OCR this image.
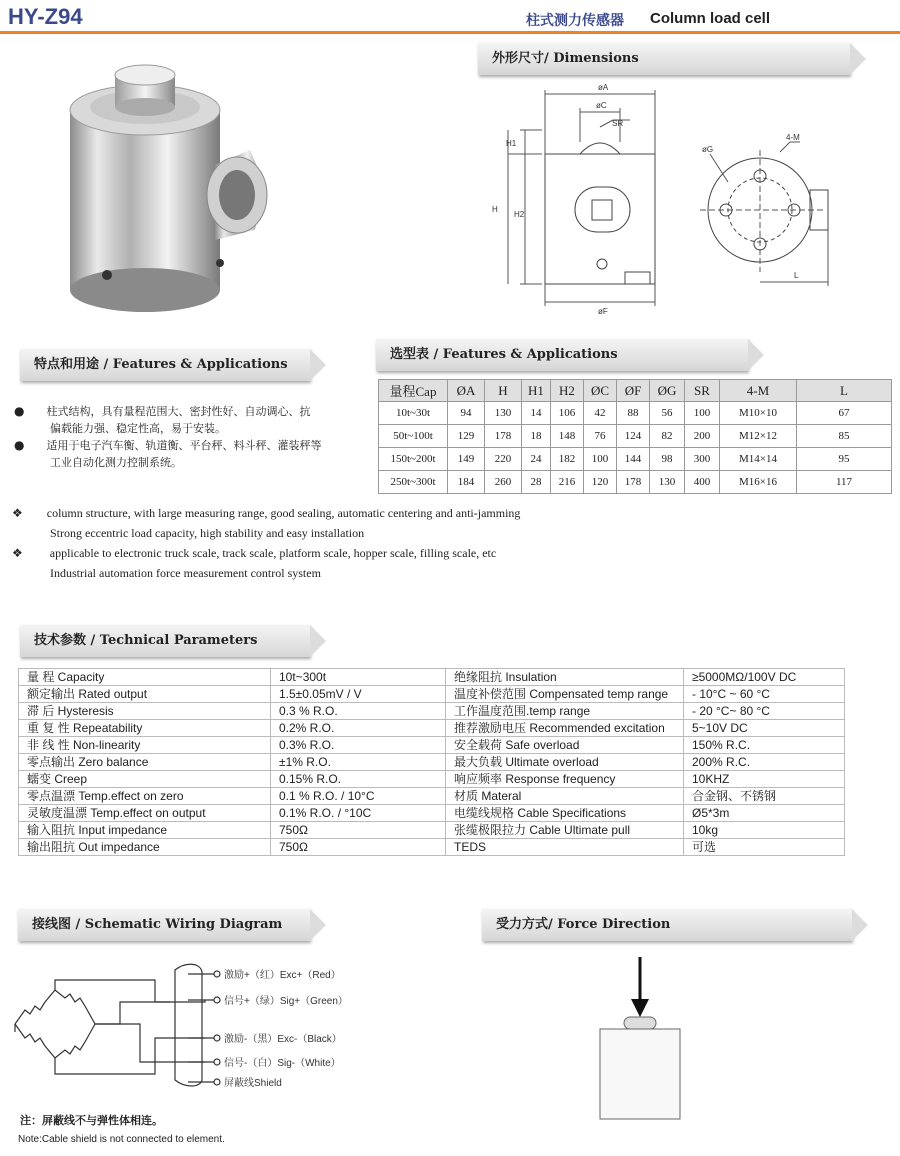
HY-Z94	柱式测力传感器	Column load cell
外形尺寸/ Dimensions
øA
øC
SR
H1
H
H2
øF
øG
4-M
L
特点和用途 / Features & Applications
● 柱式结构，具有量程范围大、密封性好、自动调心、抗
偏载能力强、稳定性高，易于安装。
● 适用于电子汽车衡、轨道衡、平台秤、料斗秤、灌装秤等
工业自动化测力控制系统。
选型表 / Features & Applications
量程Cap	ØA	H	H1	H2	ØC	ØF	ØG	SR	4-M	L
10t~30t	94	130	14	106	42	88	56	100	M10×10	67
50t~100t	129	178	18	148	76	124	82	200	M12×12	85
150t~200t	149	220	24	182	100	144	98	300	M14×14	95
250t~300t	184	260	28	216	120	178	130	400	M16×16	117
❖ column structure, with large measuring range, good sealing, automatic centering and anti-jamming
Strong eccentric load capacity, high stability and easy installation
❖ applicable to electronic truck scale, track scale, platform scale, hopper scale, filling scale, etc
Industrial automation force measurement control system
技术参数 / Technical Parameters
量 程 Capacity	10t~300t	绝缘阻抗 Insulation	≥5000MΩ/100V DC
额定输出 Rated output	1.5±0.05mV / V	温度补偿范围 Compensated temp range	- 10°C ~ 60 °C
滞 后 Hysteresis	0.3 % R.O.	工作温度范围.temp range	- 20 °C~ 80 °C
重 复 性 Repeatability	0.2% R.O.	推荐激励电压 Recommended excitation	5~10V DC
非 线 性 Non-linearity	0.3% R.O.	安全载荷 Safe overload	150% R.C.
零点输出 Zero balance	±1% R.O.	最大负载 Ultimate overload	200% R.C.
蠕变 Creep	0.15% R.O.	响应频率 Response frequency	10KHZ
零点温漂 Temp.effect on zero	0.1 % R.O. / 10°C	材质 Materal	合金钢、不锈钢
灵敏度温漂 Temp.effect on output	0.1% R.O. / °10C	电缆线规格 Cable Specifications	Ø5*3m
输入阻抗 Input impedance	750Ω	张缆极限拉力 Cable Ultimate pull	10kg
输出阻抗 Out impedance	750Ω	TEDS	可选
接线图 / Schematic Wiring Diagram
激励+（红）Exc+（Red）
信号+（绿）Sig+（Green）
激励-（黑）Exc-（Black）
信号-（白）Sig-（White）
屏蔽线Shield
注：屏蔽线不与弹性体相连。
Note:Cable shield is not connected to element.
受力方式/ Force Direction
